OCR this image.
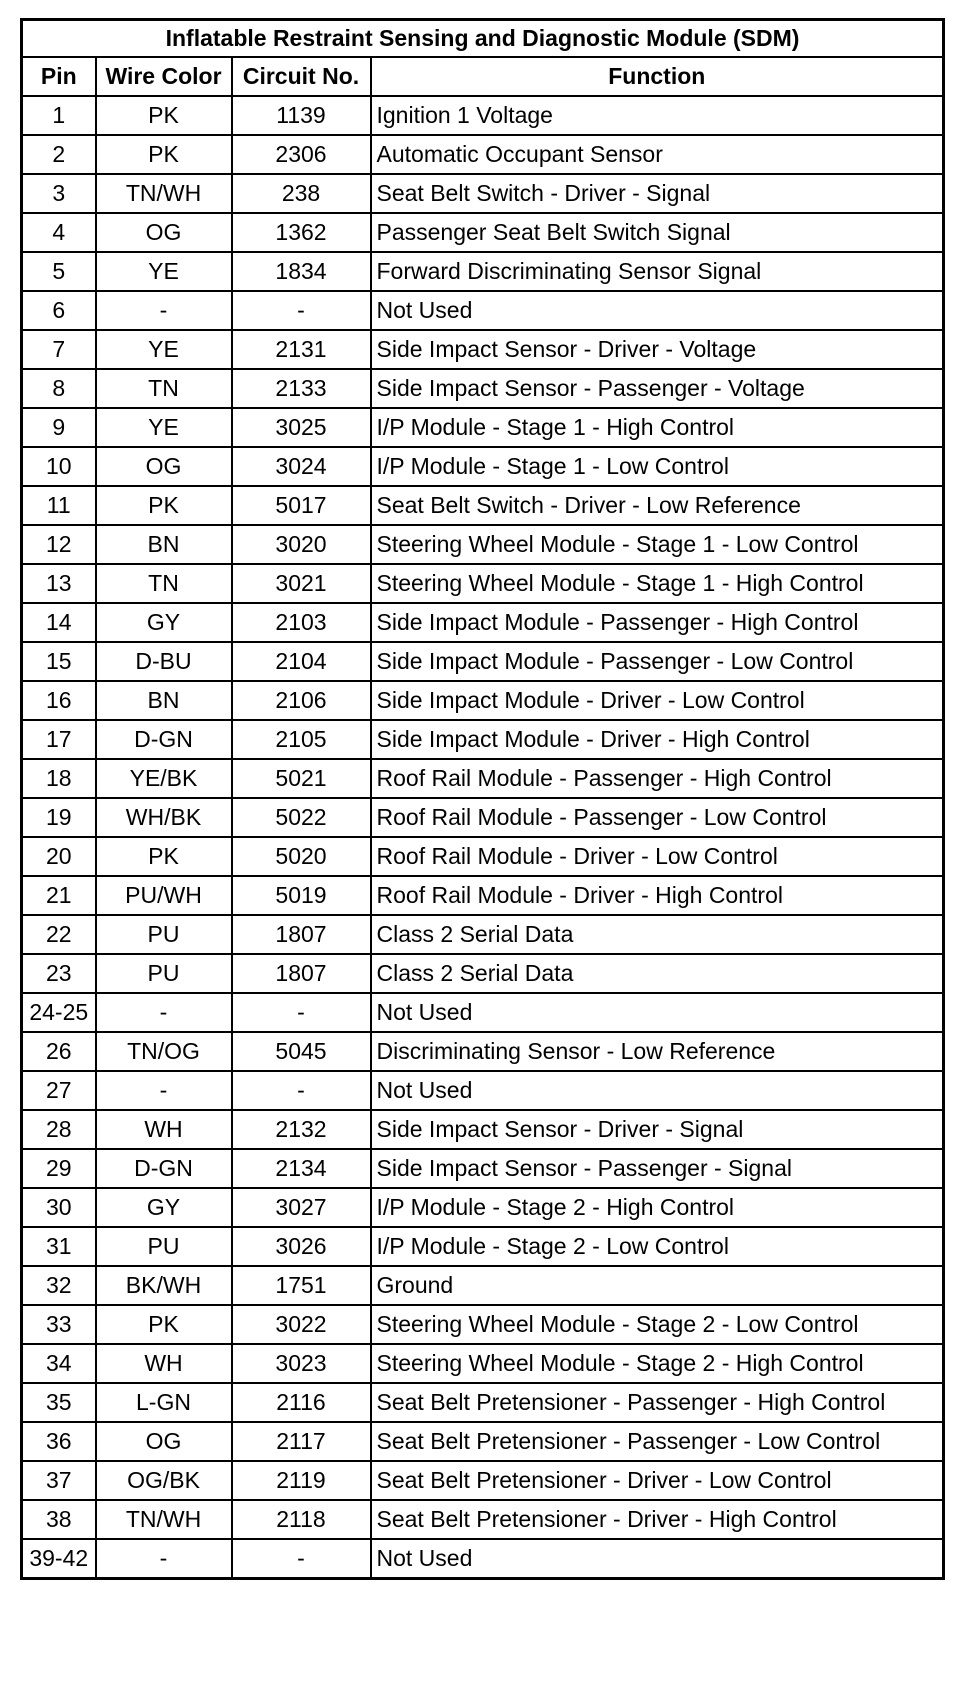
Inflatable Restraint Sensing and Diagnostic Module (SDM)			
Pin	Wire Color	Circuit No.	Function
1	PK	1139	Ignition 1 Voltage
2	PK	2306	Automatic Occupant Sensor
3	TN/WH	238	Seat Belt Switch - Driver - Signal
4	OG	1362	Passenger Seat Belt Switch Signal
5	YE	1834	Forward Discriminating Sensor Signal
6	-	-	Not Used
7	YE	2131	Side Impact Sensor - Driver - Voltage
8	TN	2133	Side Impact Sensor - Passenger - Voltage
9	YE	3025	I/P Module - Stage 1 - High Control
10	OG	3024	I/P Module - Stage 1 - Low Control
11	PK	5017	Seat Belt Switch - Driver - Low Reference
12	BN	3020	Steering Wheel Module - Stage 1 - Low Control
13	TN	3021	Steering Wheel Module - Stage 1 - High Control
14	GY	2103	Side Impact Module - Passenger - High Control
15	D-BU	2104	Side Impact Module - Passenger - Low Control
16	BN	2106	Side Impact Module - Driver - Low Control
17	D-GN	2105	Side Impact Module - Driver - High Control
18	YE/BK	5021	Roof Rail Module - Passenger - High Control
19	WH/BK	5022	Roof Rail Module - Passenger - Low Control
20	PK	5020	Roof Rail Module - Driver - Low Control
21	PU/WH	5019	Roof Rail Module - Driver - High Control
22	PU	1807	Class 2 Serial Data
23	PU	1807	Class 2 Serial Data
24-25	-	-	Not Used
26	TN/OG	5045	Discriminating Sensor - Low Reference
27	-	-	Not Used
28	WH	2132	Side Impact Sensor - Driver - Signal
29	D-GN	2134	Side Impact Sensor - Passenger - Signal
30	GY	3027	I/P Module - Stage 2 - High Control
31	PU	3026	I/P Module - Stage 2 - Low Control
32	BK/WH	1751	Ground
33	PK	3022	Steering Wheel Module - Stage 2 - Low Control
34	WH	3023	Steering Wheel Module - Stage 2 - High Control
35	L-GN	2116	Seat Belt Pretensioner - Passenger - High Control
36	OG	2117	Seat Belt Pretensioner - Passenger - Low Control
37	OG/BK	2119	Seat Belt Pretensioner - Driver - Low Control
38	TN/WH	2118	Seat Belt Pretensioner - Driver - High Control
39-42	-	-	Not Used
